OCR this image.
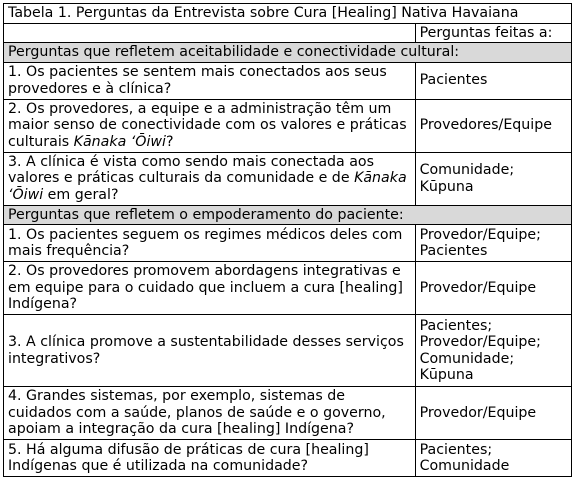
Tabela 1. Perguntas da Entrevista sobre Cura [Healing] Nativa Havaiana	
	Perguntas feitas a:
Perguntas que refletem aceitabilidade e conectividade cultural:	
1. Os pacientes se sentem mais conectados aos seus provedores e à clínica?	Pacientes
2. Os provedores, a equipe e a administração têm um maior senso de conectividade com os valores e práticas culturais Kānaka ʻŌiwi?	Provedores/Equipe
3. A clínica é vista como sendo mais conectada aos valores e práticas culturais da comunidade e de Kānaka ʻŌiwi em geral?	Comunidade;
Kūpuna
Perguntas que refletem o empoderamento do paciente:	
1. Os pacientes seguem os regimes médicos deles com mais frequência?	Provedor/Equipe;
Pacientes
2. Os provedores promovem abordagens integrativas e em equipe para o cuidado que incluem a cura [healing] Indígena?	Provedor/Equipe
3. A clínica promove a sustentabilidade desses serviços integrativos?	Pacientes;
Provedor/Equipe;
Comunidade;
Kūpuna
4. Grandes sistemas, por exemplo, sistemas de cuidados com a saúde, planos de saúde e o governo, apoiam a integração da cura [healing] Indígena?	Provedor/Equipe
5. Há alguma difusão de práticas de cura [healing] Indígenas que é utilizada na comunidade?	Pacientes;
Comunidade
